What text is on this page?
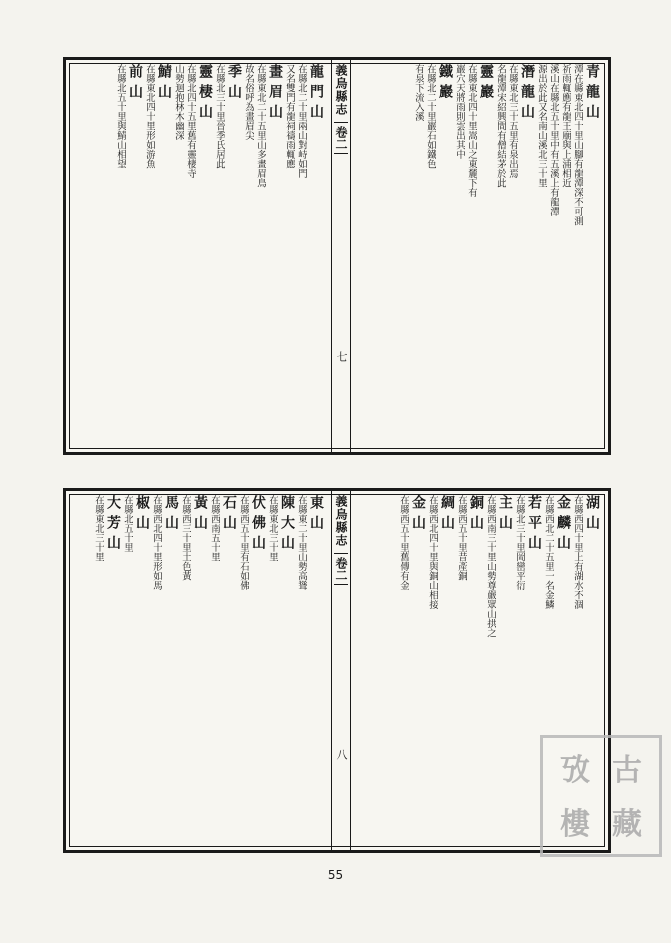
青龍山
潭在縣東北四十里山腳有龍潭深不可測
祈雨輒應有龍王廟與上浦相近
溪山在縣北五十里中有五溪上有龍潭
源出於此又名南山溪北三十里
潛龍山
在縣東北三十五里有泉出焉
名龍潭宋紹興間有僧結茅於此
靈巖
在縣東北四十里嵩山之東麓下有
巖穴天將雨則雲出其中
鐵巖
在縣北二十里巖石如鐵色
有泉下流入溪
義烏縣志
卷二
七
龍門山
在縣北二十里兩山對峙如門
又名雙門有龍祠禱雨輒應
畫眉山
在縣東北二十五里山多畫眉鳥
故名俗呼為畫眉尖
季山
在縣北三十里晉季氏居此
靈棲山
在縣北四十五里舊有靈棲寺
山勢迴抱林木幽深
鯖山
在縣東北四十里形如游魚
前山
在縣北五十里與鯖山相望
湖山
在縣西四十里上有湖水不涸
金麟山
在縣西北二十五里一名金鱗
若平山
在縣北三十里岡巒平衍
主山
在縣西南三十里山勢尊嚴眾山拱之
銅山
在縣西五十里昔產銅
綢山
在縣西北四十里與銅山相接
金山
在縣西五十里舊傳有金
義烏縣志
卷二
八
東山
在縣東二十里山勢高聳
陳大山
在縣東北三十里
伏佛山
在縣西五十里有石如佛
石山
在縣西南五十里
黃山
在縣西三十里土色黃
馬山
在縣西北四十里形如馬
椒山
在縣北五十里
大芳山
在縣東北三十里
55
攷 古
樓 藏
